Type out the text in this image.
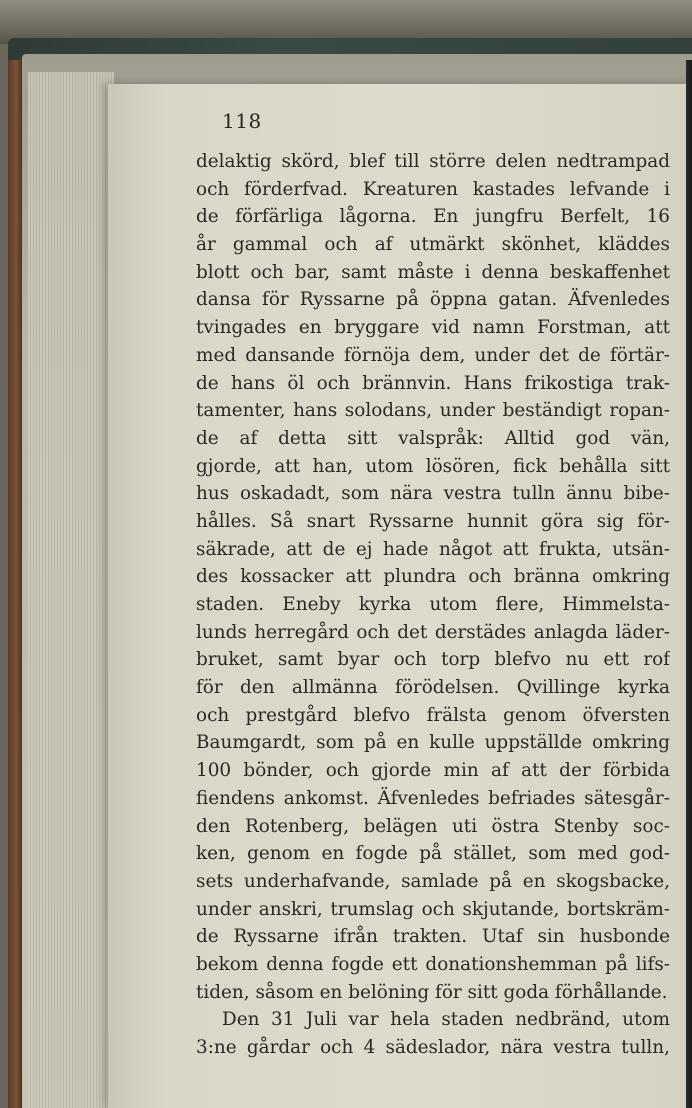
118
delaktig skörd, blef till större delen nedtrampad
och förderfvad. Kreaturen kastades lefvande i
de förfärliga lågorna. En jungfru Berfelt, 16
år gammal och af utmärkt skönhet, kläddes
blott och bar, samt måste i denna beskaffenhet
dansa för Ryssarne på öppna gatan. Äfvenledes
tvingades en bryggare vid namn Forstman, att
med dansande förnöja dem, under det de förtär-
de hans öl och brännvin. Hans frikostiga trak-
tamenter, hans solodans, under beständigt ropan-
de af detta sitt valspråk: Alltid god vän,
gjorde, att han, utom lösören, fick behålla sitt
hus oskadadt, som nära vestra tulln ännu bibe-
hålles. Så snart Ryssarne hunnit göra sig för-
säkrade, att de ej hade något att frukta, utsän-
des kossacker att plundra och bränna omkring
staden. Eneby kyrka utom flere, Himmelsta-
lunds herregård och det derstädes anlagda läder-
bruket, samt byar och torp blefvo nu ett rof
för den allmänna förödelsen. Qvillinge kyrka
och prestgård blefvo frälsta genom öfversten
Baumgardt, som på en kulle uppställde omkring
100 bönder, och gjorde min af att der förbida
fiendens ankomst. Äfvenledes befriades sätesgår-
den Rotenberg, belägen uti östra Stenby soc-
ken, genom en fogde på stället, som med god-
sets underhafvande, samlade på en skogsbacke,
under anskri, trumslag och skjutande, bortskräm-
de Ryssarne ifrån trakten. Utaf sin husbonde
bekom denna fogde ett donationshemman på lifs-
tiden, såsom en belöning för sitt goda förhållande.
Den 31 Juli var hela staden nedbränd, utom
3:ne gårdar och 4 sädeslador, nära vestra tulln,
